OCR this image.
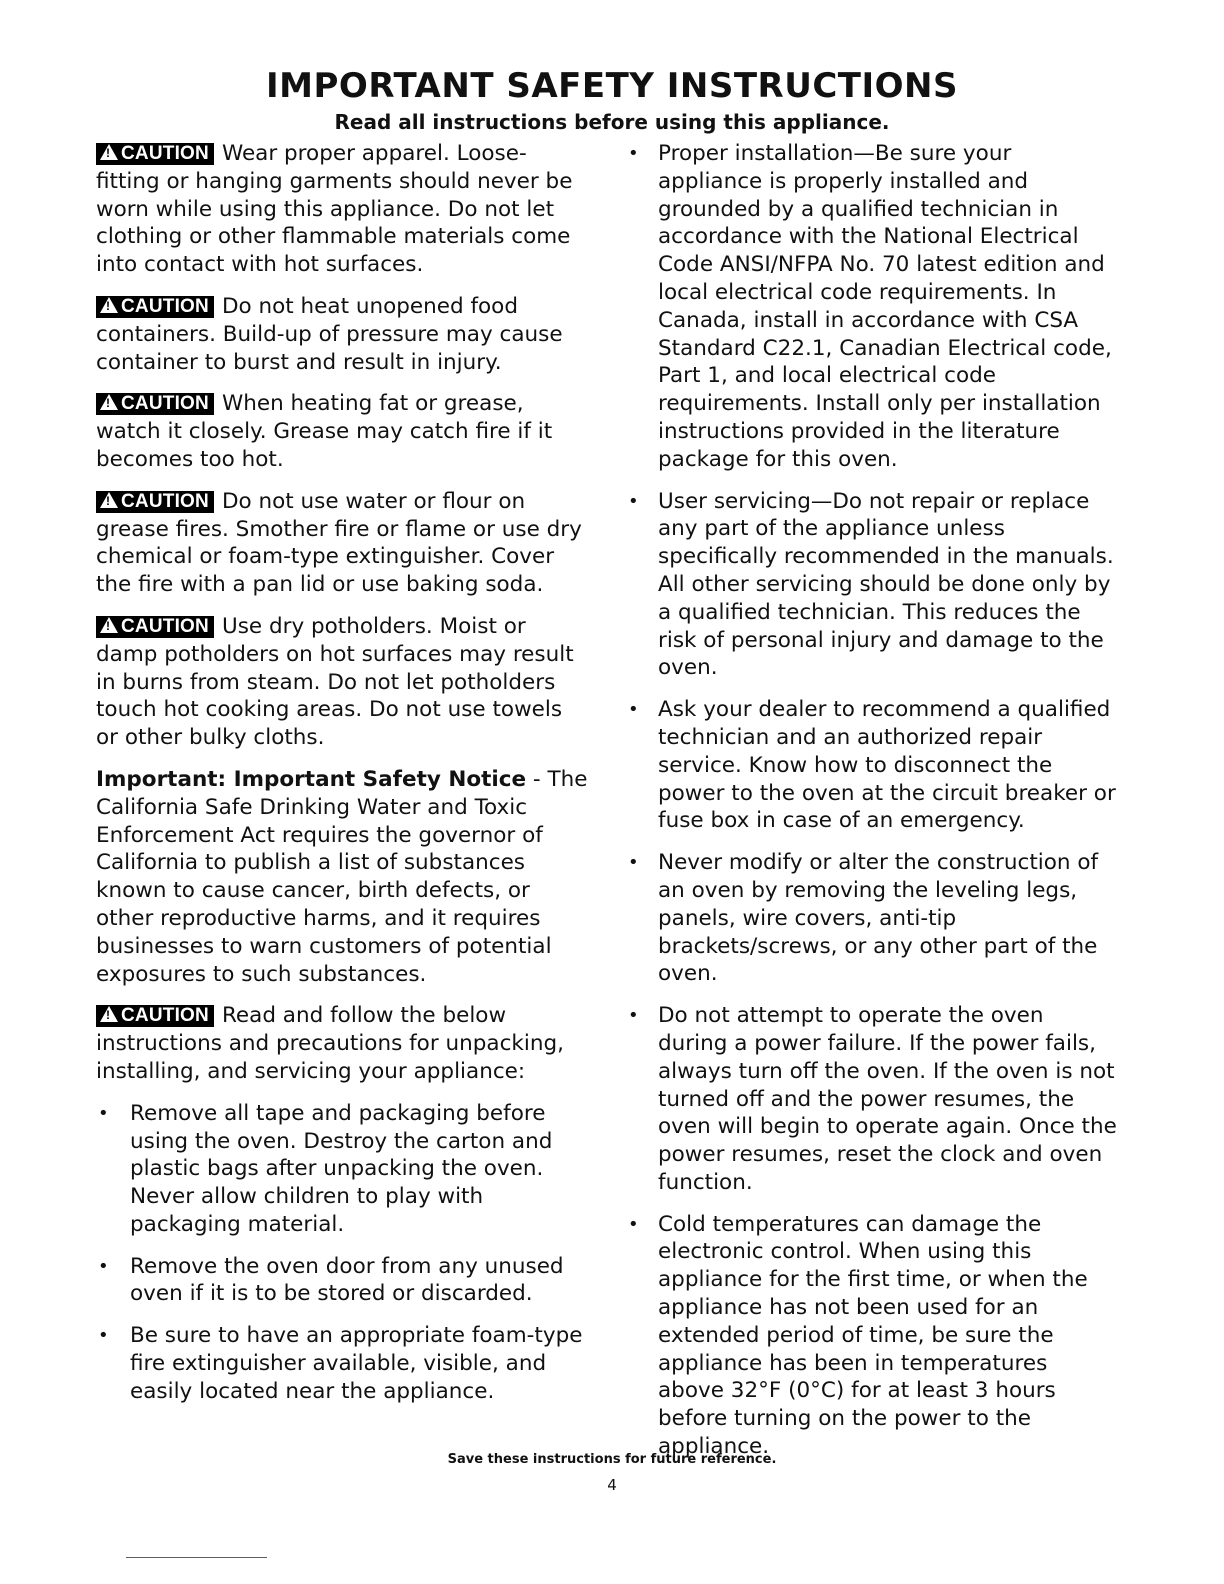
IMPORTANT SAFETY INSTRUCTIONS

Read all instructions before using this appliance.

!CAUTION Wear proper apparel. Loose-fitting or hanging garments should never be worn while using this appliance. Do not let clothing or other flammable materials come into contact with hot surfaces.

!CAUTION Do not heat unopened food containers. Build-up of pressure may cause container to burst and result in injury.

!CAUTION When heating fat or grease, watch it closely. Grease may catch fire if it becomes too hot.

!CAUTION Do not use water or flour on grease fires. Smother fire or flame or use dry chemical or foam-type extinguisher. Cover the fire with a pan lid or use baking soda.

!CAUTION Use dry potholders. Moist or damp potholders on hot surfaces may result in burns from steam. Do not let potholders touch hot cooking areas. Do not use towels or other bulky cloths.

Important: Important Safety Notice - The California Safe Drinking Water and Toxic Enforcement Act requires the governor of California to publish a list of substances known to cause cancer, birth defects, or other reproductive harms, and it requires businesses to warn customers of potential exposures to such substances.

!CAUTION Read and follow the below instructions and precautions for unpacking, installing, and servicing your appliance:

• Remove all tape and packaging before using the oven. Destroy the carton and plastic bags after unpacking the oven. Never allow children to play with packaging material.
• Remove the oven door from any unused oven if it is to be stored or discarded.
• Be sure to have an appropriate foam-type fire extinguisher available, visible, and easily located near the appliance.
• Proper installation—Be sure your appliance is properly installed and grounded by a qualified technician in accordance with the National Electrical Code ANSI/NFPA No. 70 latest edition and local electrical code requirements. In Canada, install in accordance with CSA Standard C22.1, Canadian Electrical code, Part 1, and local electrical code requirements. Install only per installation instructions provided in the literature package for this oven.
• User servicing—Do not repair or replace any part of the appliance unless specifically recommended in the manuals. All other servicing should be done only by a qualified technician. This reduces the risk of personal injury and damage to the oven.
• Ask your dealer to recommend a qualified technician and an authorized repair service. Know how to disconnect the power to the oven at the circuit breaker or fuse box in case of an emergency.
• Never modify or alter the construction of an oven by removing the leveling legs, panels, wire covers, anti-tip brackets/screws, or any other part of the oven.
• Do not attempt to operate the oven during a power failure. If the power fails, always turn off the oven. If the oven is not turned off and the power resumes, the oven will begin to operate again. Once the power resumes, reset the clock and oven function.
• Cold temperatures can damage the electronic control. When using this appliance for the first time, or when the appliance has not been used for an extended period of time, be sure the appliance has been in temperatures above 32°F (0°C) for at least 3 hours before turning on the power to the appliance.
Save these instructions for future reference.
4
